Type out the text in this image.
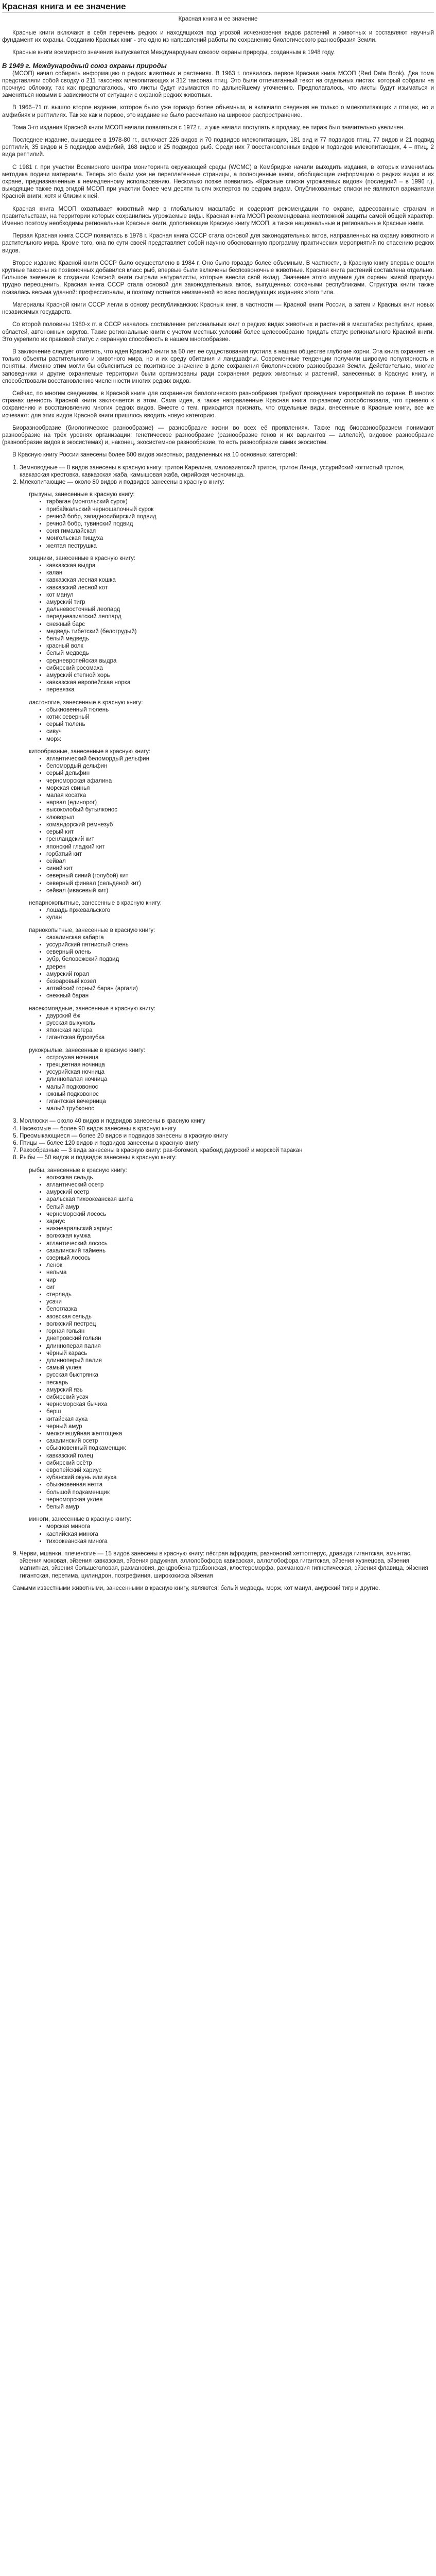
Красная книга и ее значение
Красная книга и ее значение

Красные книги включают в себя перечень редких и находящихся под угрозой исчезновения видов растений и животных и составляют научный фундамент их охраны. Созданию Красных книг - это одно из направлений работы по сохранению биологического разнообразия Земли.

Красные книги всемирного значения выпускается Международным союзом охраны природы, созданным в 1948 году.

В 1949 г. Международный союз охраны природы

(МСОП) начал собирать информацию о редких животных и растениях. В 1963 г. появилось первое Красная книга МСОП (Red Data Book). Два тома представляли собой сводку о 211 таксонах млекопитающих и 312 таксонах птиц. Это были отпечатанный текст на отдельных листах, который собрали на прочную обложку, так как предполагалось, что листы будут изымаются по дальнейшему уточнению. Предполагалось, что листы будут изыматься и заменяться новыми в зависимости от ситуации с охраной редких животных.

В 1966–71 гг. вышло второе издание, которое было уже гораздо более объемным, и включало сведения не только о млекопитающих и птицах, но и амфибиях и рептилиях. Так же как и первое, это издание не было рассчитано на широкое распространение.

Тома 3-го издания Красной книги МСОП начали появляться с 1972 г., и уже начали поступать в продажу, ее тираж был значительно увеличен.

Последнее издание, вышедшее в 1978-80 гг., включает 226 видов и 70 подвидов млекопитающих, 181 вид и 77 подвидов птиц, 77 видов и 21 подвид рептилий, 35 видов и 5 подвидов амфибий, 168 видов и 25 подвидов рыб. Среди них 7 восстановленных видов и подвидов млекопитающих, 4 – птиц, 2 вида рептилий.

С 1981 г. при участии Всемирного центра мониторинга окружающей среды (WCMC) в Кембридже начали выходить издания, в которых изменилась методика подачи материала. Теперь это были уже не переплетенные страницы, а полноценные книги, обобщающие информацию о редких видах и их охране, предназначенные к немедленному использованию. Несколько позже появились «Красные списки угрожаемых видов» (последний – в 1996 г.), выходящие также под эгидой МСОП при участии более чем десяти тысяч экспертов по редким видам. Опубликованные списки не являются вариантами Красной книги, хотя и близки к ней.

Красная книга МСОП охватывает животный мир в глобальном масштабе и содержит рекомендации по охране, адресованные странам и правительствам, на территории которых сохранились угрожаемые виды. Красная книга МСОП рекомендована неотложной защиты самой общей характер. Именно поэтому необходимы региональные Красные книги, дополняющие Красную книгу МСОП, а также национальные и региональные Красные книги.

Первая Красная книга СССР появилась в 1978 г. Красная книга СССР стала основой для законодательных актов, направленных на охрану животного и растительного мира. Кроме того, она по сути своей представляет собой научно обоснованную программу практических мероприятий по спасению редких видов.

Второе издание Красной книги СССР было осуществлено в 1984 г. Оно было гораздо более объемным. В частности, в Красную книгу впервые вошли крупные таксоны из позвоночных добавился класс рыб, впервые были включены беспозвоночные животные. Красная книга растений составлена отдельно. Большое значение в создании Красной книги сыграли натуралисты, которые внесли свой вклад. Значение этого издания для охраны живой природы трудно переоценить. Красная книга СССР стала основой для законодательных актов, выпущенных союзными республиками. Структура книги также оказалась весьма удачной: профессионалы, и поэтому остается неизменной во всех последующих изданиях этого типа.

Материалы Красной книги СССР легли в основу республиканских Красных книг, в частности — Красной книги России, а затем и Красных книг новых независимых государств.

Со второй половины 1980-х гг. в СССР началось составление региональных книг о редких видах животных и растений в масштабах республик, краев, областей, автономных округов. Такие региональные книги с учетом местных условий более целесообразно придать статус регионального Красной книги. Это укрепило их правовой статус и охранную способность в нашем многообразие.

В заключение следует отметить, что идея Красной книги за 50 лет ее существования пустила в нашем обществе глубокие корни. Эта книга охраняет не только объекты растительного и животного мира, но и их среду обитания и ландшафты. Современные тенденции получили широкую популярность и понятны. Именно этим могли бы объясниться ее позитивное значение в деле сохранения биологического разнообразия Земли. Действительно, многие заповедники и другие охраняемые территории были организованы ради сохранения редких животных и растений, занесенных в Красную книгу, и способствовали восстановлению численности многих редких видов.

Сейчас, по многим сведениям, в Красной книге для сохранения биологического разнообразия требуют проведения мероприятий по охране. В многих странах ценность Красной книги заключается в этом. Сама идея, а также направленные Красная книга по-разному способствовала, что привело к сохранению и восстановлению многих редких видов. Вместе с тем, приходится признать, что отдельные виды, внесенные в Красные книги, все же исчезают: для этих видов Красной книги пришлось вводить новую категорию.

Биоразнообразие (биологическое разнообразие) — разнообразие жизни во всех её проявлениях. Также под биоразнообразием понимают разнообразие на трёх уровнях организации: генетическое разнообразие (разнообразие генов и их вариантов — аллелей), видовое разнообразие (разнообразие видов в экосистемах) и, наконец, экосистемное разнообразие, то есть разнообразие самих экосистем.

В Красную книгу России занесены более 500 видов животных, разделенных на 10 основных категорий:

1. Земноводные — 8 видов занесены в красную книгу: тритон Карелина, малоазиатский тритон, тритон Ланца, уссурийский когтистый тритон, кавказская крестовка, кавказская жаба, камышовая жаба, сирийская чесночница.
2. Млекопитающие — около 80 видов и подвидов занесены в красную книгу:
грызуны, занесенные в красную книгу:
• тарбаган (монгольский сурок)
• прибайкальский черношапочный сурок
• речной бобр, западносибирский подвид
• речной бобр, тувинский подвид
• соня гималайская
• монгольская пищуха
• желтая пеструшка
хищники, занесенные в красную книгу:
• кавказская выдра
• калан
• кавказская лесная кошка
• кавказский лесной кот
• кот манул
• амурский тигр
• дальневосточный леопард
• переднеазиатский леопард
• снежный барс
• медведь тибетский (белогрудый)
• белый медведь
• красный волк
• белый медведь
• средневропейская выдра
• сибирский росомаха
• амурский степной хорь
• кавказская европейская норка
• перевязка
ластоногие, занесенные в красную книгу:
• обыкновенный тюлень
• котик северный
• серый тюлень
• сивуч
• морж
китообразные, занесенные в красную книгу:
• атлантический беломордый дельфин
• беломордый дельфин
• серый дельфин
• черноморская афалина
• морская свинья
• малая косатка
• нарвал (единорог)
• высоколобый бутылконос
• клюворыл
• командорский ремнезуб
• серый кит
• гренландский кит
• японский гладкий кит
• горбатый кит
• сейвал
• синий кит
• северный синий (голубой) кит
• северный финвал (сельдяной кит)
• сейвал (ивасевый кит)
непарнокопытные, занесенные в красную книгу:
• лошадь пржевальского
• кулан
парнокопытные, занесенные в красную книгу:
• сахалинская кабарга
• уссурийский пятнистый олень
• северный олень
• зубр, беловежский подвид
• дзерен
• амурский горал
• безоаровый козел
• алтайский горный баран (аргали)
• снежный баран
насекомоядные, занесенные в красную книгу:
• даурский ёж
• русская выхухоль
• японская могера
• гигантская бурозубка
рукокрылые, занесенные в красную книгу:
• остроухая ночница
• трехцветная ночница
• уссурийская ночница
• длиннопалая ночница
• малый подковонос
• южный подковонос
• гигантская вечерница
• малый трубконос
3. Моллюски — около 40 видов и подвидов занесены в красную книгу
4. Насекомые — более 90 видов занесены в красную книгу
5. Пресмыкающиеся — более 20 видов и подвидов занесены в красную книгу
6. Птицы — более 120 видов и подвидов занесены в красную книгу
7. Ракообразные — 3 вида занесены в красную книгу: рак-богомол, крабоид даурский и морской таракан
8. Рыбы — 50 видов и подвидов занесены в красную книгу:
рыбы, занесенные в красную книгу:
• волжская сельдь
• атлантический осетр
• амурский осетр
• аральская тихоокеанская шипа
• белый амур
• черноморский лосось
• хариус
• нижнеаральский хариус
• волжская кумжа
• атлантический лосось
• сахалинский таймень
• озерный лосось
• ленок
• нельма
• чир
• сиг
• стерлядь
• усачи
• белоглазка
• азовская сельдь
• волжский пестрец
• горная гольян
• днепровский гольян
• длинноперая палия
• чёрный карась
• длинноперый палия
• самый уклея
• русская быстрянка
• пескарь
• амурский язь
• сибирский усач
• черноморская бычиха
• берш
• китайская ауха
• черный амур
• мелкочешуйная желтощека
• сахалинский осетр
• обыкновенный подкаменщик
• кавказский голец
• сибирский осётр
• европейский хариус
• кубанский окунь или ауха
• обыкновенная нетта
• большой подкаменщик
• черноморская уклея
• белый амур
миноги, занесенные в красную книгу:
• морская минога
• каспийская минога
• тихоокеанская минога
9. Черви, мшанки, плеченогие — 15 видов занесены в красную книгу: пёстрая афродита, разноногий хеттоптерус, дравида гигантская, амынтас, эйзения моховая, эйзения кавказская, эйзения радужная, аллолобофора кавказская, аллолобофора гигантская, эйзения кузнецова, эйзения магнитная, эйзения большеголовая, рахмановия, дендробена трабзонская, клостероморфа, рахмановия гипнотическая, эйзения флавица, эйзения гигантская, перетима, цилиндрон, позгрефиния, ширококиска эйзения

Самыми известными животными, занесенными в красную книгу, являются: белый медведь, морж, кот манул, амурский тигр и другие.
